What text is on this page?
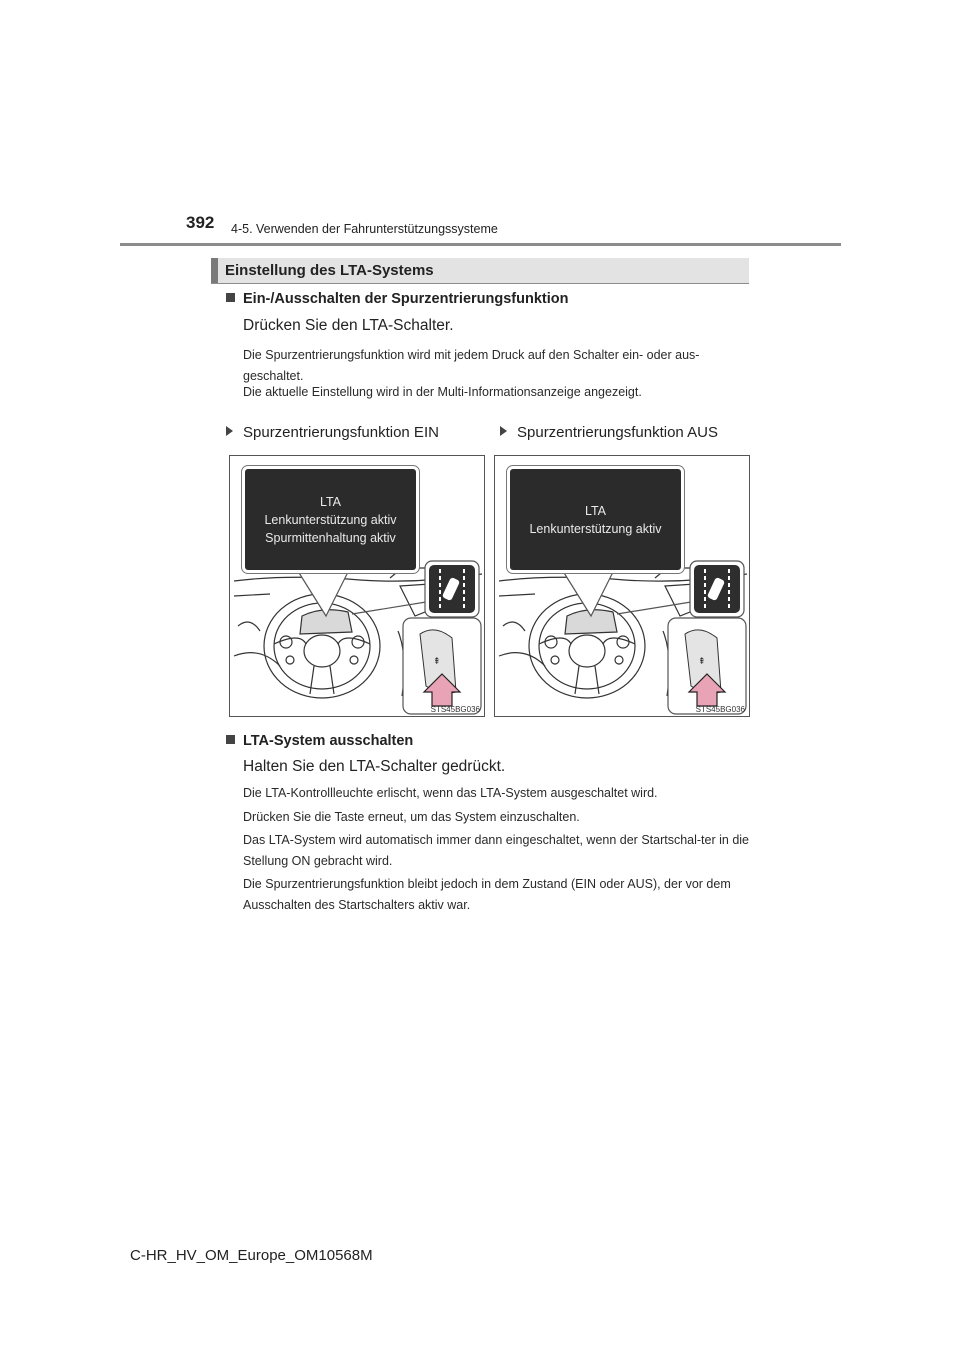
392 4-5. Verwenden der Fahrunterstützungssysteme
Einstellung des LTA-Systems
Ein-/Ausschalten der Spurzentrierungsfunktion
Drücken Sie den LTA-Schalter.
Die Spurzentrierungsfunktion wird mit jedem Druck auf den Schalter ein- oder aus-geschaltet.
Die aktuelle Einstellung wird in der Multi-Informationsanzeige angezeigt.
Spurzentrierungsfunktion EIN	Spurzentrierungsfunktion AUS
⇞
LTA
Lenkunterstützung aktiv
Spurmittenhaltung aktiv
STS45BG036
⇞
LTA
Lenkunterstützung aktiv
STS45BG036
LTA-System ausschalten
Halten Sie den LTA-Schalter gedrückt.
Die LTA-Kontrollleuchte erlischt, wenn das LTA-System ausgeschaltet wird.
Drücken Sie die Taste erneut, um das System einzuschalten.
Das LTA-System wird automatisch immer dann eingeschaltet, wenn der Startschal-ter in die Stellung ON gebracht wird.
Die Spurzentrierungsfunktion bleibt jedoch in dem Zustand (EIN oder AUS), der vor dem Ausschalten des Startschalters aktiv war.
C-HR_HV_OM_Europe_OM10568M
